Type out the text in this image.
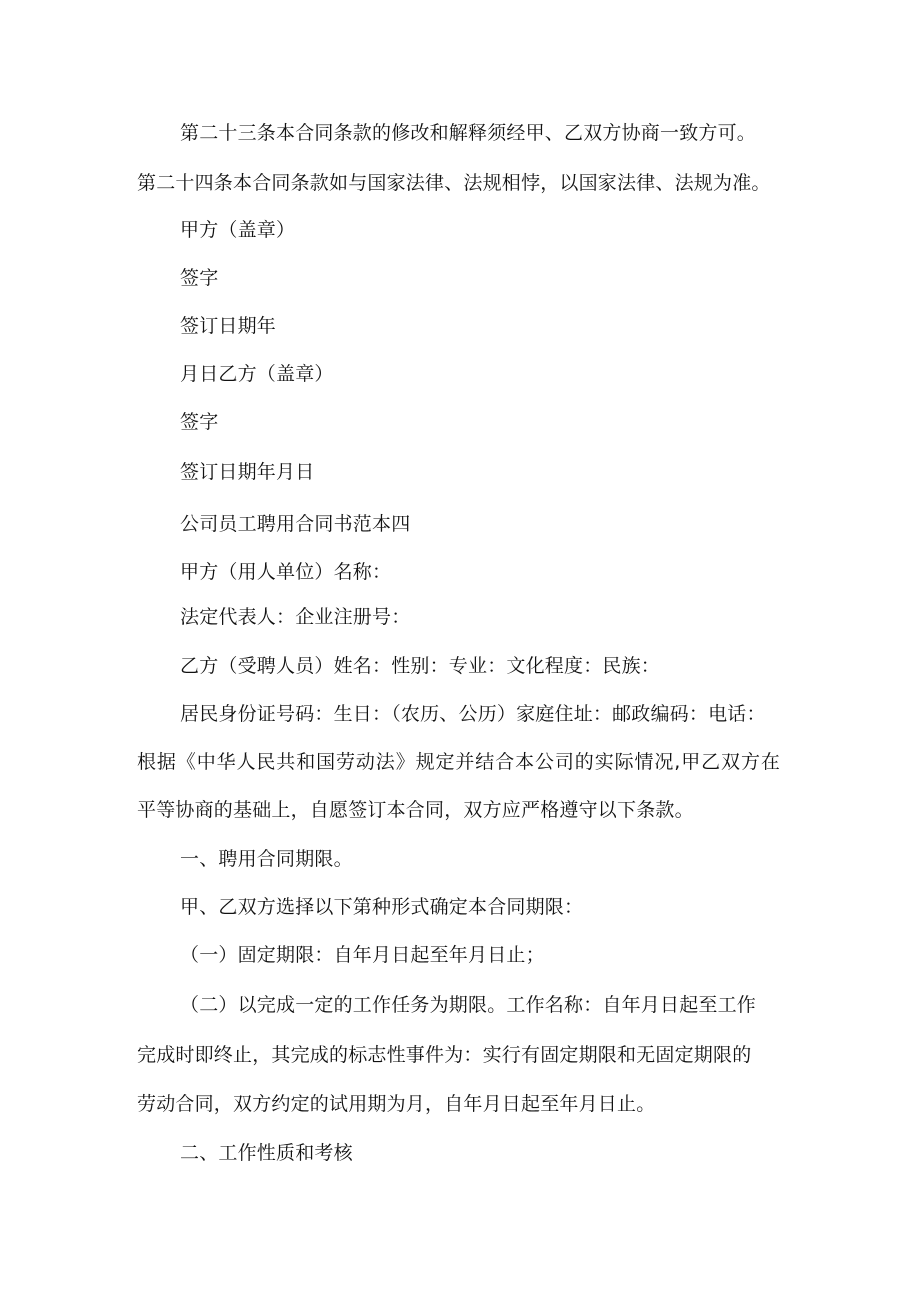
第二十三条本合同条款的修改和解释须经甲、乙双方协商一致方可。
第二十四条本合同条款如与国家法律、法规相悖，以国家法律、法规为准。
甲方（盖章）
签字
签订日期年
月日乙方（盖章）
签字
签订日期年月日
公司员工聘用合同书范本四
甲方（用人单位）名称：
法定代表人：企业注册号：
乙方（受聘人员）姓名：性别：专业：文化程度：民族：
居民身份证号码：生日：（农历、公历）家庭住址：邮政编码：电话：
根据《中华人民共和国劳动法》规定并结合本公司的实际情况,甲乙双方在
平等协商的基础上，自愿签订本合同，双方应严格遵守以下条款。
一、聘用合同期限。
甲、乙双方选择以下第种形式确定本合同期限：
（一）固定期限：自年月日起至年月日止；
（二）以完成一定的工作任务为期限。工作名称：自年月日起至工作
完成时即终止，其完成的标志性事件为：实行有固定期限和无固定期限的
劳动合同，双方约定的试用期为月，自年月日起至年月日止。
二、工作性质和考核
